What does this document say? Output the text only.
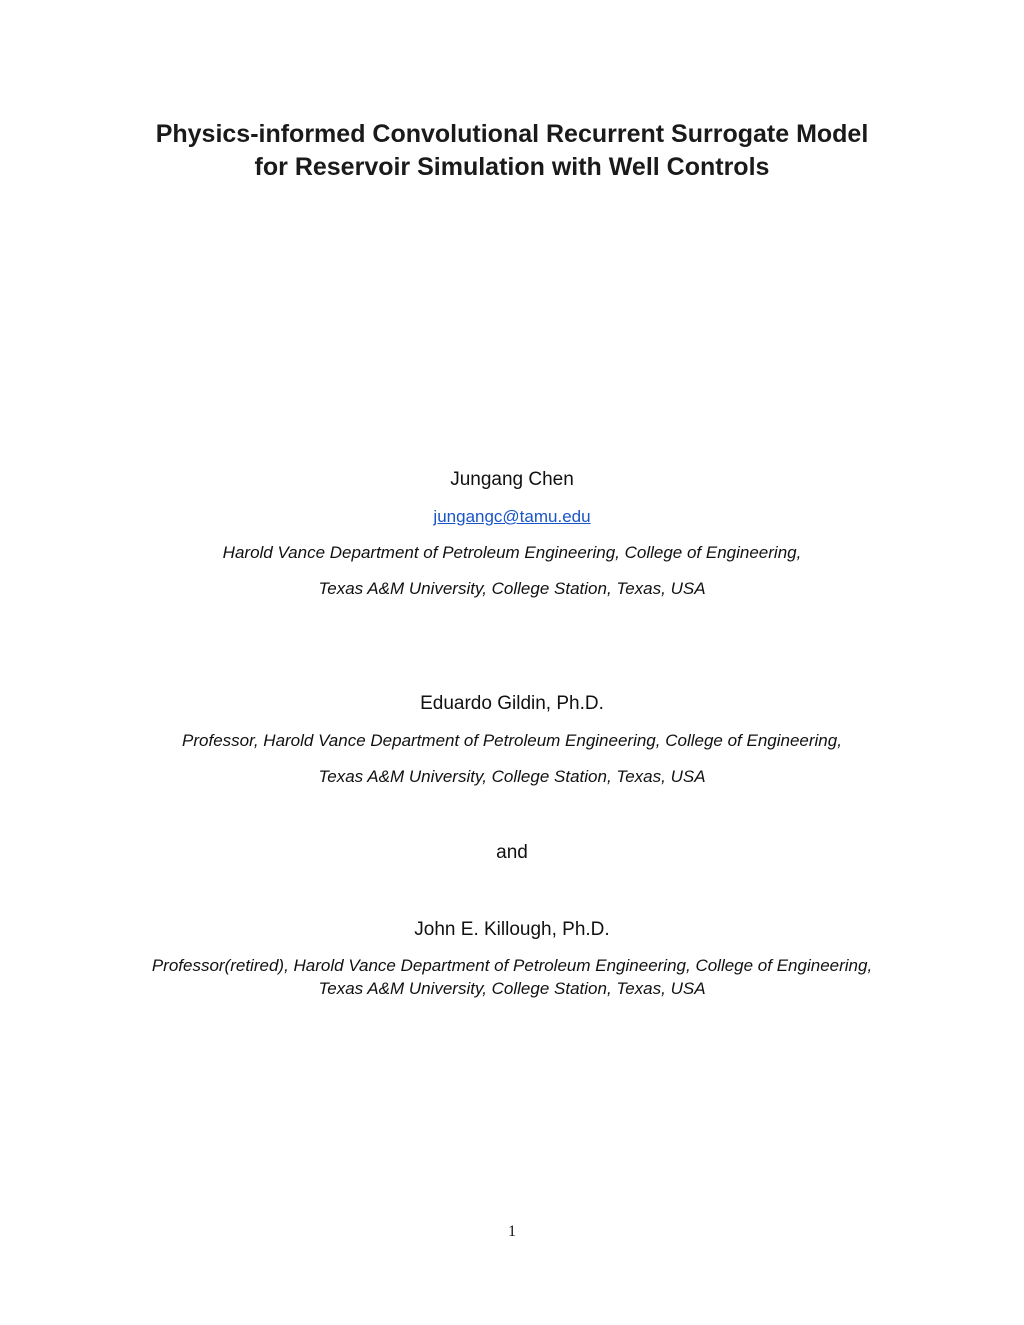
Physics-informed Convolutional Recurrent Surrogate Model
for Reservoir Simulation with Well Controls
Jungang Chen
jungangc@tamu.edu
Harold Vance Department of Petroleum Engineering, College of Engineering,
Texas A&M University, College Station, Texas, USA
Eduardo Gildin, Ph.D.
Professor, Harold Vance Department of Petroleum Engineering, College of Engineering,
Texas A&M University, College Station, Texas, USA
and
John E. Killough, Ph.D.
Professor(retired), Harold Vance Department of Petroleum Engineering, College of Engineering,
Texas A&M University, College Station, Texas, USA
1
